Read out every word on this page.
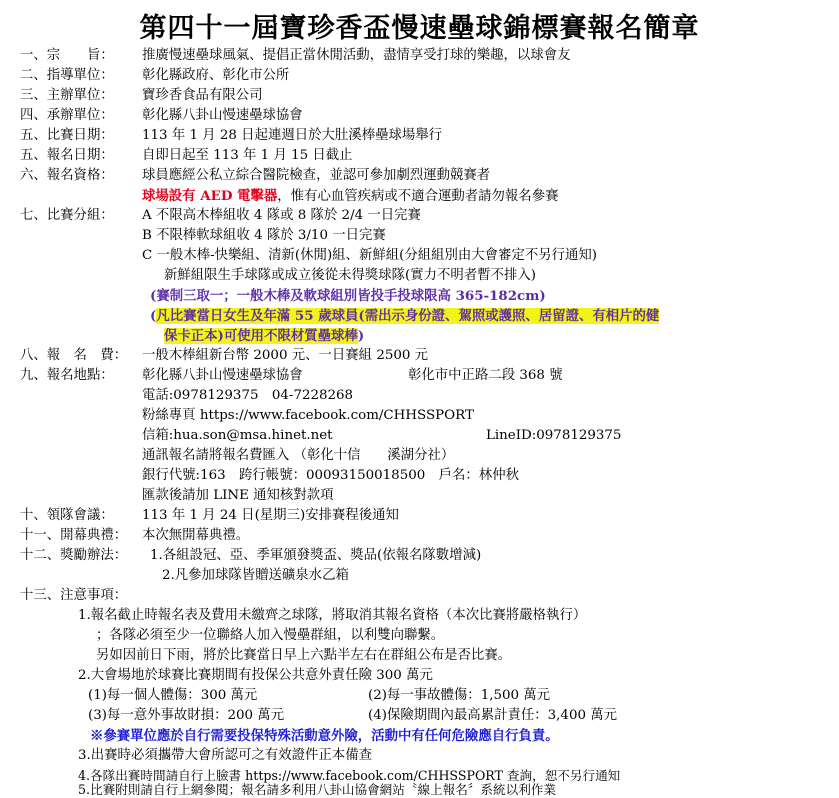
第四十一屆寶珍香盃慢速壘球錦標賽報名簡章
一、宗　　旨：	推廣慢速壘球風氣、提倡正當休閒活動，盡情享受打球的樂趣，以球會友
二、指導單位：	彰化縣政府、彰化市公所
三、主辦單位：	寶珍香食品有限公司
四、承辦單位：	彰化縣八卦山慢速壘球協會
五、比賽日期：	113 年 1 月 28 日起連週日於大肚溪棒壘球場舉行
五、報名日期：	自即日起至 113 年 1 月 15 日截止
六、報名資格：	球員應經公私立綜合醫院檢查，並認可參加劇烈運動競賽者
球場設有 AED 電擊器，惟有心血管疾病或不適合運動者請勿報名參賽
七、比賽分組：	A 不限高木棒組收 4 隊或 8 隊於 2/4 一日完賽
B 不限棒軟球組收 4 隊於 3/10 一日完賽
C 一般木棒-快樂組、清新(休閒)組、新鮮組(分組組別由大會審定不另行通知)
新鮮組限生手球隊或成立後從未得獎球隊(實力不明者暫不排入)
(賽制三取一；一般木棒及軟球組別皆投手投球限高 365-182cm)
(凡比賽當日女生及年滿 55 歲球員(需出示身份證、駕照或護照、居留證、有相片的健
保卡正本)可使用不限材質壘球棒)
八、報　名　費：	一般木棒組新台幣 2000 元、一日賽組 2500 元
九、報名地點：	彰化縣八卦山慢速壘球協會	彰化市中正路二段 368 號
電話:0978129375　04-7228268
粉絲專頁 https://www.facebook.com/CHHSSPORT
信箱:hua.son@msa.hinet.net	LineID:0978129375
通訊報名請將報名費匯入 （彰化十信　　溪湖分社）
銀行代號:163　跨行帳號：00093150018500　戶名：林仲秋
匯款後請加 LINE 通知核對款項
十、領隊會議：	113 年 1 月 24 日(星期三)安排賽程後通知
十一、開幕典禮：	本次無開幕典禮。
十二、獎勵辦法：	1.各組設冠、亞、季軍頒發獎盃、獎品(依報名隊數增減)
2.凡參加球隊皆贈送礦泉水乙箱
十三、注意事項：
1.報名截止時報名表及費用未繳齊之球隊，將取消其報名資格（本次比賽將嚴格執行）
；各隊必須至少一位聯絡人加入慢壘群組，以利雙向聯繫。
另如因前日下雨，將於比賽當日早上六點半左右在群組公布是否比賽。
2.大會場地於球賽比賽期間有投保公共意外責任險 300 萬元
(1)每一個人體傷：300 萬元	(2)每一事故體傷：1,500 萬元
(3)每一意外事故財損：200 萬元	(4)保險期間內最高累計責任：3,400 萬元
※參賽單位應於自行需要投保特殊活動意外險，活動中有任何危險應自行負責。
3.出賽時必須攜帶大會所認可之有效證件正本備查
4.各隊出賽時間請自行上臉書 https://www.facebook.com/CHHSSPORT 查詢，恕不另行通知
5.比賽附則請自行上網參閱；報名請多利用八卦山協會網站〝線上報名〞系統以利作業
